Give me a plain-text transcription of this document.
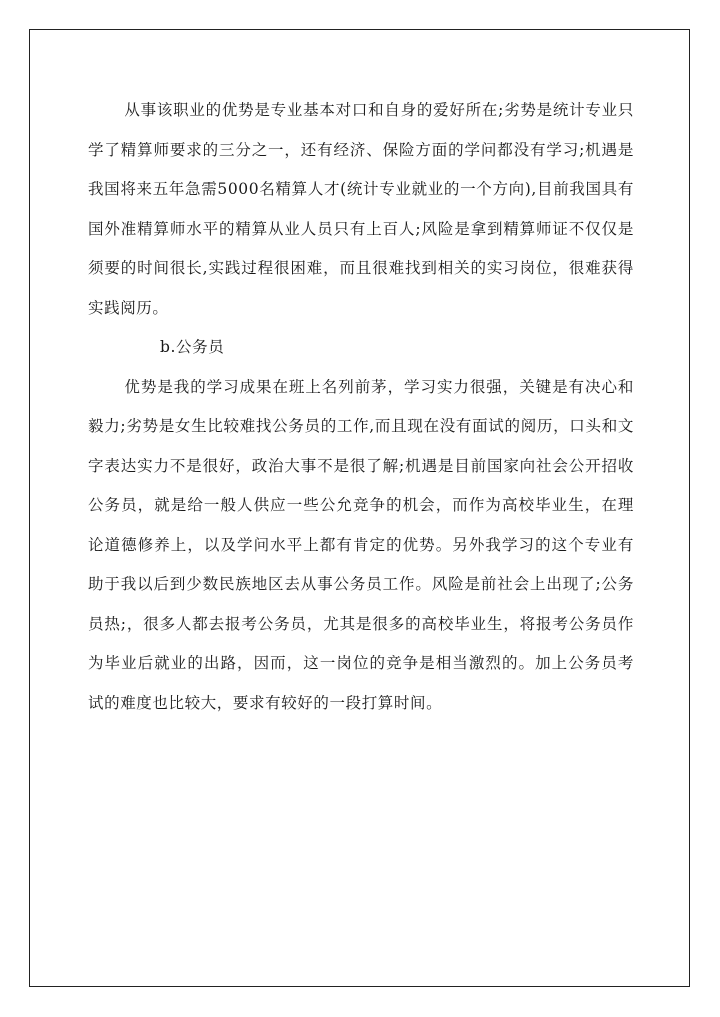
从事该职业的优势是专业基本对口和自身的爱好所在;劣势是统计专业只学了精算师要求的三分之一，还有经济、保险方面的学问都没有学习;机遇是我国将来五年急需5000名精算人才(统计专业就业的一个方向),目前我国具有国外准精算师水平的精算从业人员只有上百人;风险是拿到精算师证不仅仅是须要的时间很长,实践过程很困难，而且很难找到相关的实习岗位，很难获得实践阅历。

b.公务员

优势是我的学习成果在班上名列前茅，学习实力很强，关键是有决心和毅力;劣势是女生比较难找公务员的工作,而且现在没有面试的阅历，口头和文字表达实力不是很好，政治大事不是很了解;机遇是目前国家向社会公开招收公务员，就是给一般人供应一些公允竞争的机会，而作为高校毕业生，在理论道德修养上，以及学问水平上都有肯定的优势。另外我学习的这个专业有助于我以后到少数民族地区去从事公务员工作。风险是前社会上出现了;公务员热;，很多人都去报考公务员，尤其是很多的高校毕业生，将报考公务员作为毕业后就业的出路，因而，这一岗位的竞争是相当激烈的。加上公务员考试的难度也比较大，要求有较好的一段打算时间。
